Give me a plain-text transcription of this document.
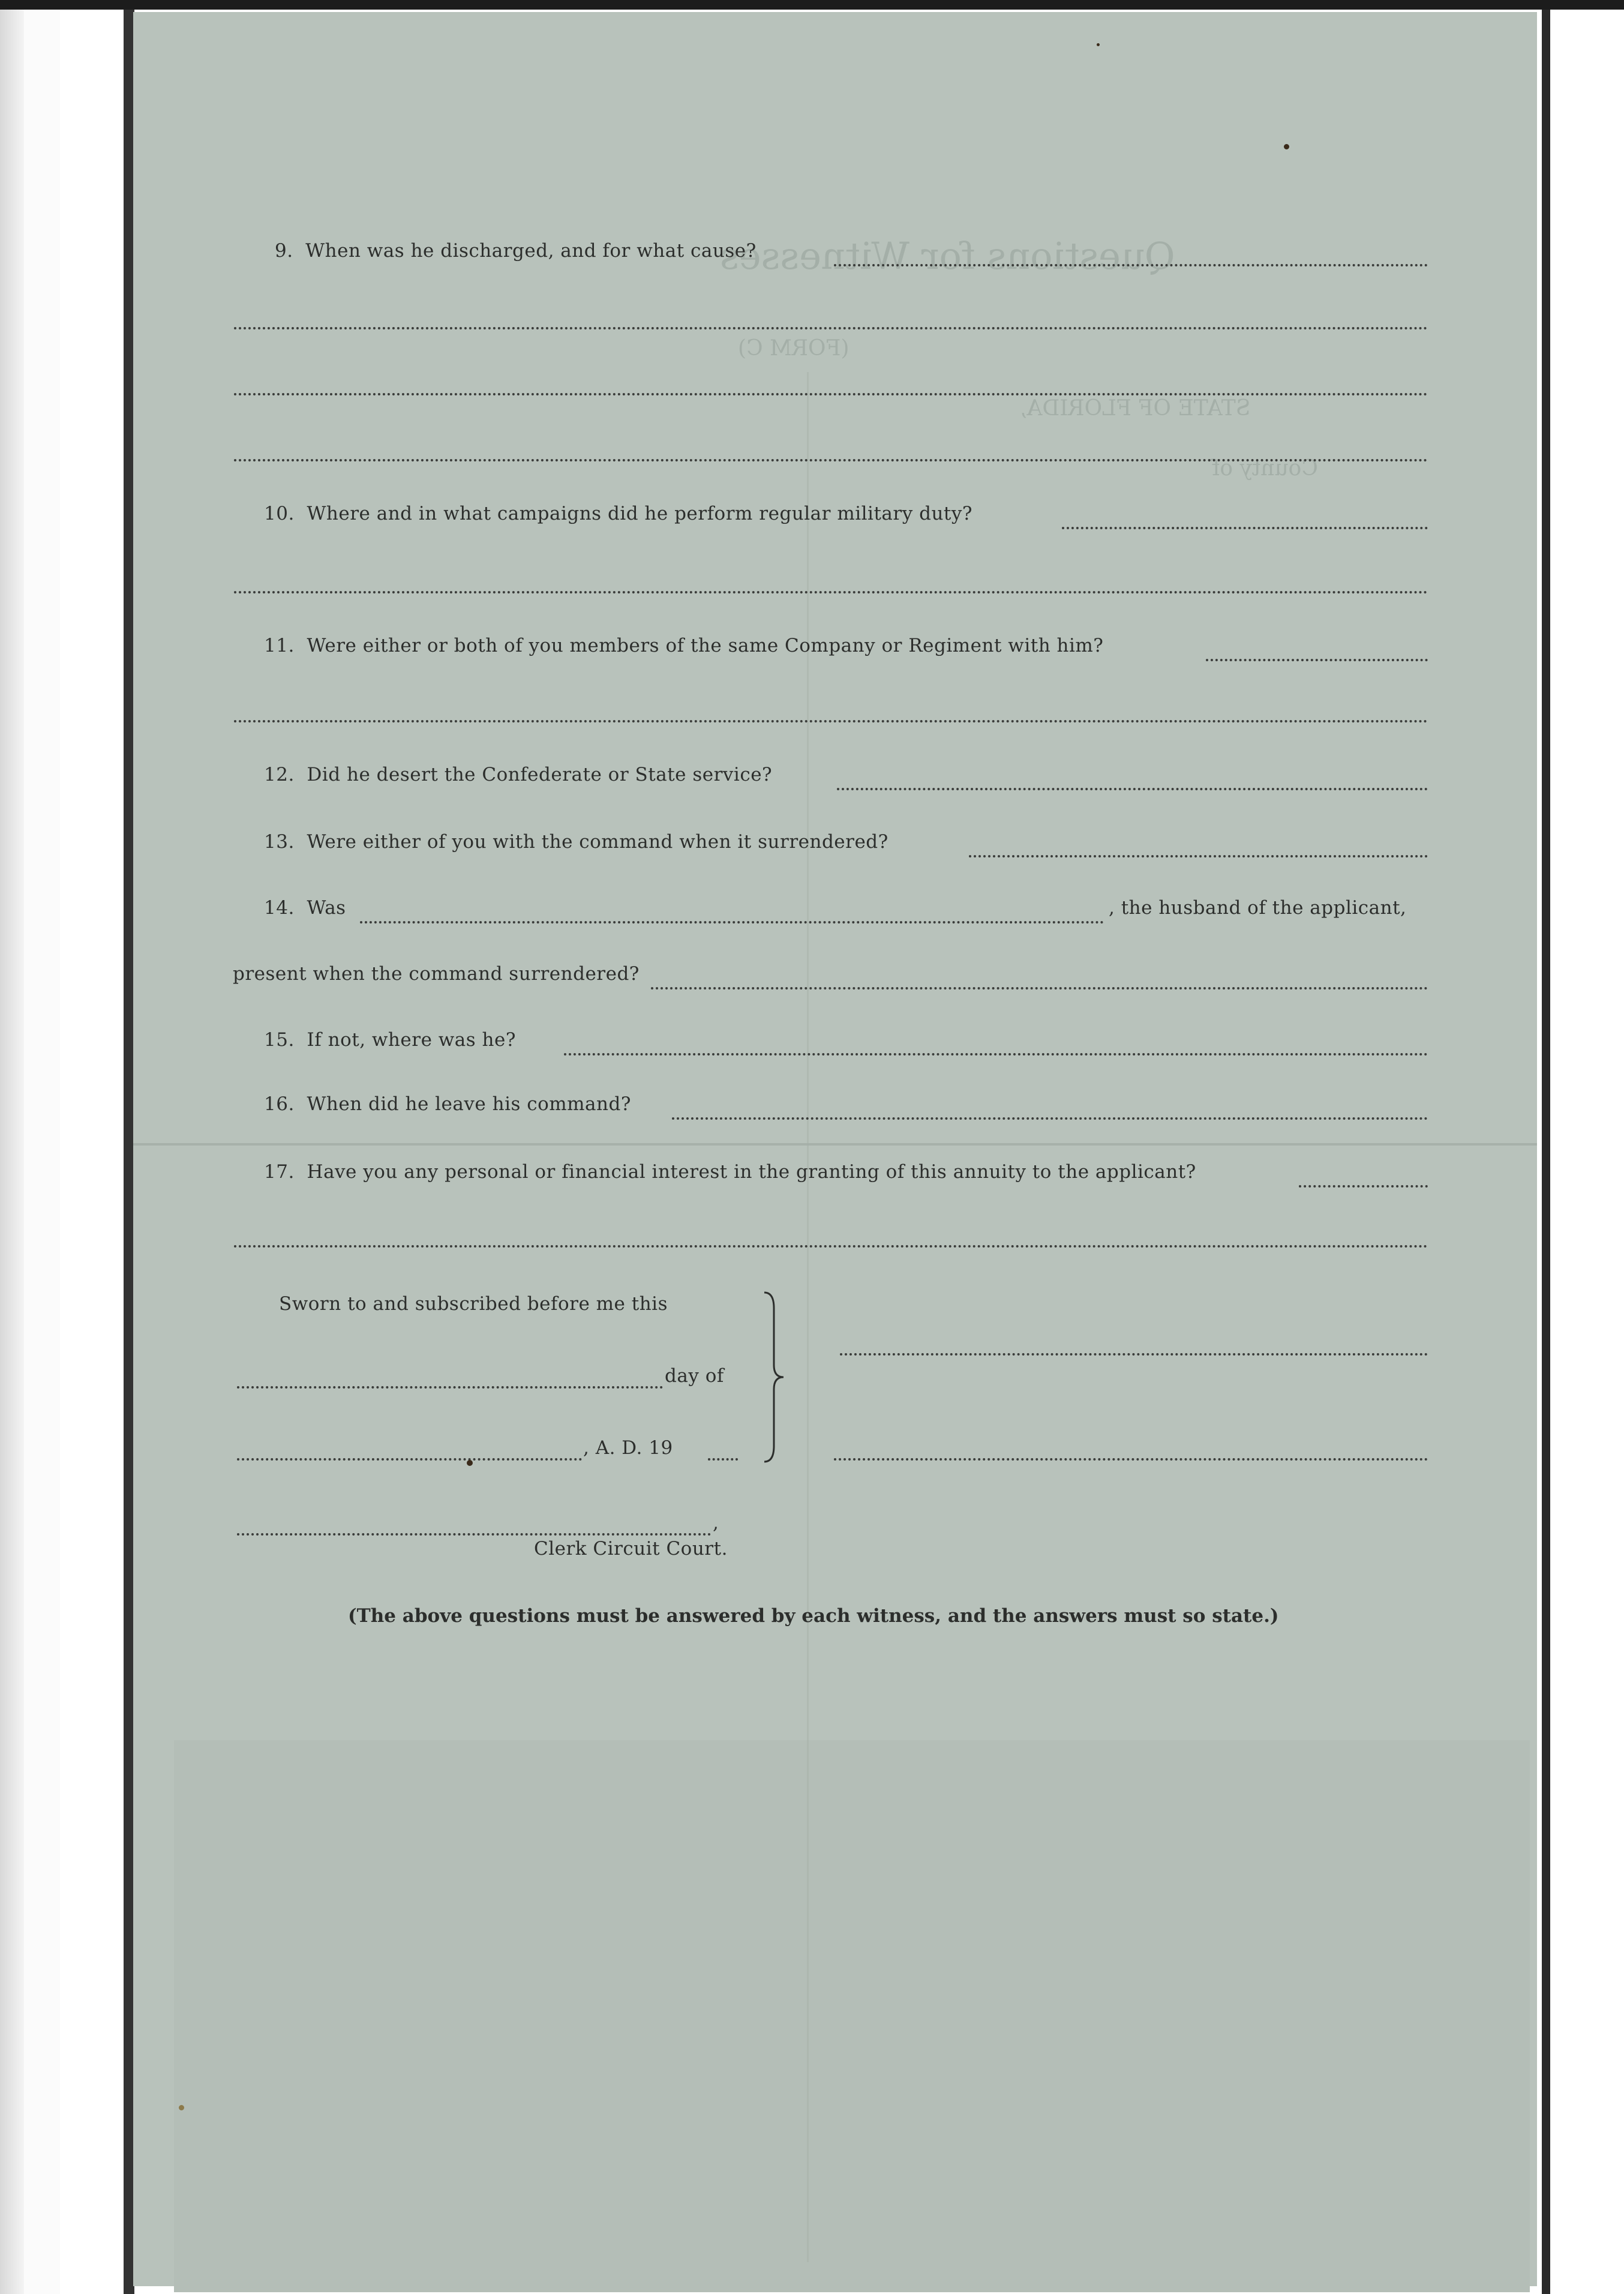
Questions for Witnesses
(FORM C)
STATE OF FLORIDA,
County of
9. When was he discharged, and for what cause?
10. Where and in what campaigns did he perform regular military duty?
11. Were either or both of you members of the same Company or Regiment with him?
12. Did he desert the Confederate or State service?
13. Were either of you with the command when it surrendered?
14. Was	, the husband of the applicant,
present when the command surrendered?
15. If not, where was he?
16. When did he leave his command?
17. Have you any personal or financial interest in the granting of this annuity to the applicant?
Sworn to and subscribed before me this
day of
, A. D. 19
,
Clerk Circuit Court.
(The above questions must be answered by each witness, and the answers must so state.)
